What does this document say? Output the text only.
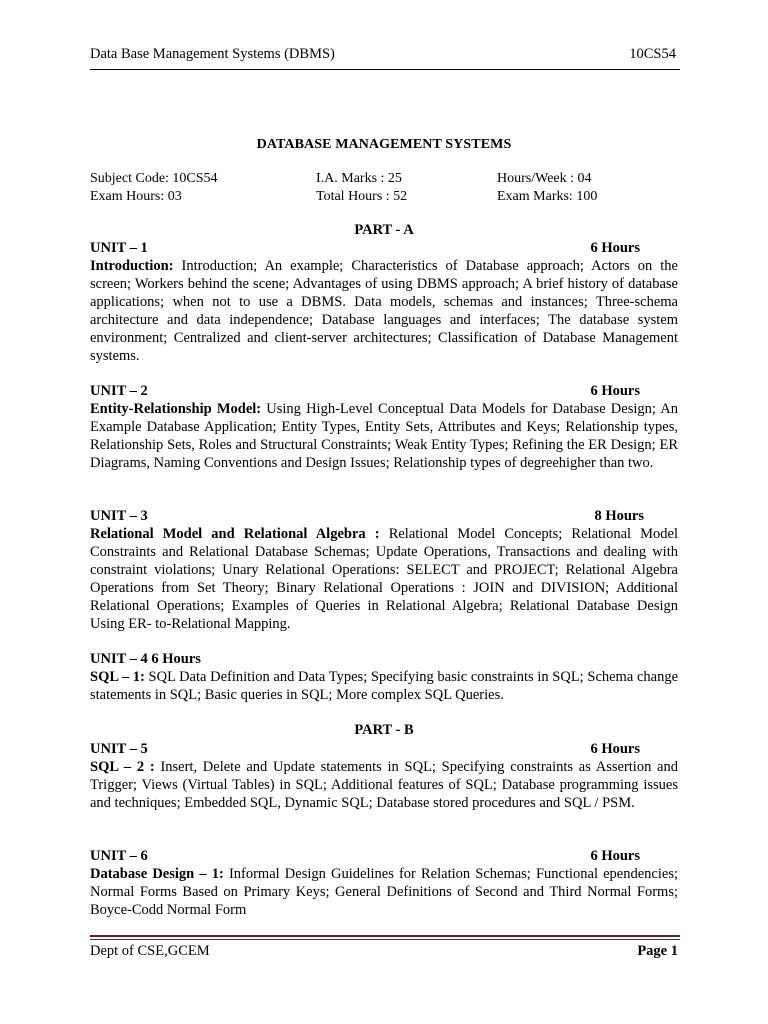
Data Base Management Systems (DBMS)	10CS54
DATABASE MANAGEMENT SYSTEMS
Subject Code: 10CS54	I.A. Marks : 25	Hours/Week : 04
Exam Hours: 03	Total Hours : 52	Exam Marks: 100
PART - A
UNIT – 1	6 Hours
Introduction: Introduction; An example; Characteristics of Database approach; Actors on the screen; Workers behind the scene; Advantages of using DBMS approach; A brief history of database applications; when not to use a DBMS. Data models, schemas and instances; Three-schema architecture and data independence; Database languages and interfaces; The database system environment; Centralized and client-server architectures; Classification of Database Management systems.
UNIT – 2	6 Hours
Entity-Relationship Model: Using High-Level Conceptual Data Models for Database Design; An Example Database Application; Entity Types, Entity Sets, Attributes and Keys; Relationship types, Relationship Sets, Roles and Structural Constraints; Weak Entity Types; Refining the ER Design; ER Diagrams, Naming Conventions and Design Issues; Relationship types of degreehigher than two.
UNIT – 3	8 Hours
Relational Model and Relational Algebra : Relational Model Concepts; Relational Model Constraints and Relational Database Schemas; Update Operations, Transactions and dealing with constraint violations; Unary Relational Operations: SELECT and PROJECT; Relational Algebra Operations from Set Theory; Binary Relational Operations : JOIN and DIVISION; Additional Relational Operations; Examples of Queries in Relational Algebra; Relational Database Design Using ER- to-Relational Mapping.
UNIT – 4 6 Hours
SQL – 1: SQL Data Definition and Data Types; Specifying basic constraints in SQL; Schema change statements in SQL; Basic queries in SQL; More complex SQL Queries.
PART - B
UNIT – 5	6 Hours
SQL – 2 : Insert, Delete and Update statements in SQL; Specifying constraints as Assertion and Trigger; Views (Virtual Tables) in SQL; Additional features of SQL; Database programming issues and techniques; Embedded SQL, Dynamic SQL; Database stored procedures and SQL / PSM.
UNIT – 6	6 Hours
Database Design – 1: Informal Design Guidelines for Relation Schemas; Functional ependencies; Normal Forms Based on Primary Keys; General Definitions of Second and Third Normal Forms; Boyce-Codd Normal Form
Dept of CSE,GCEM	Page 1
